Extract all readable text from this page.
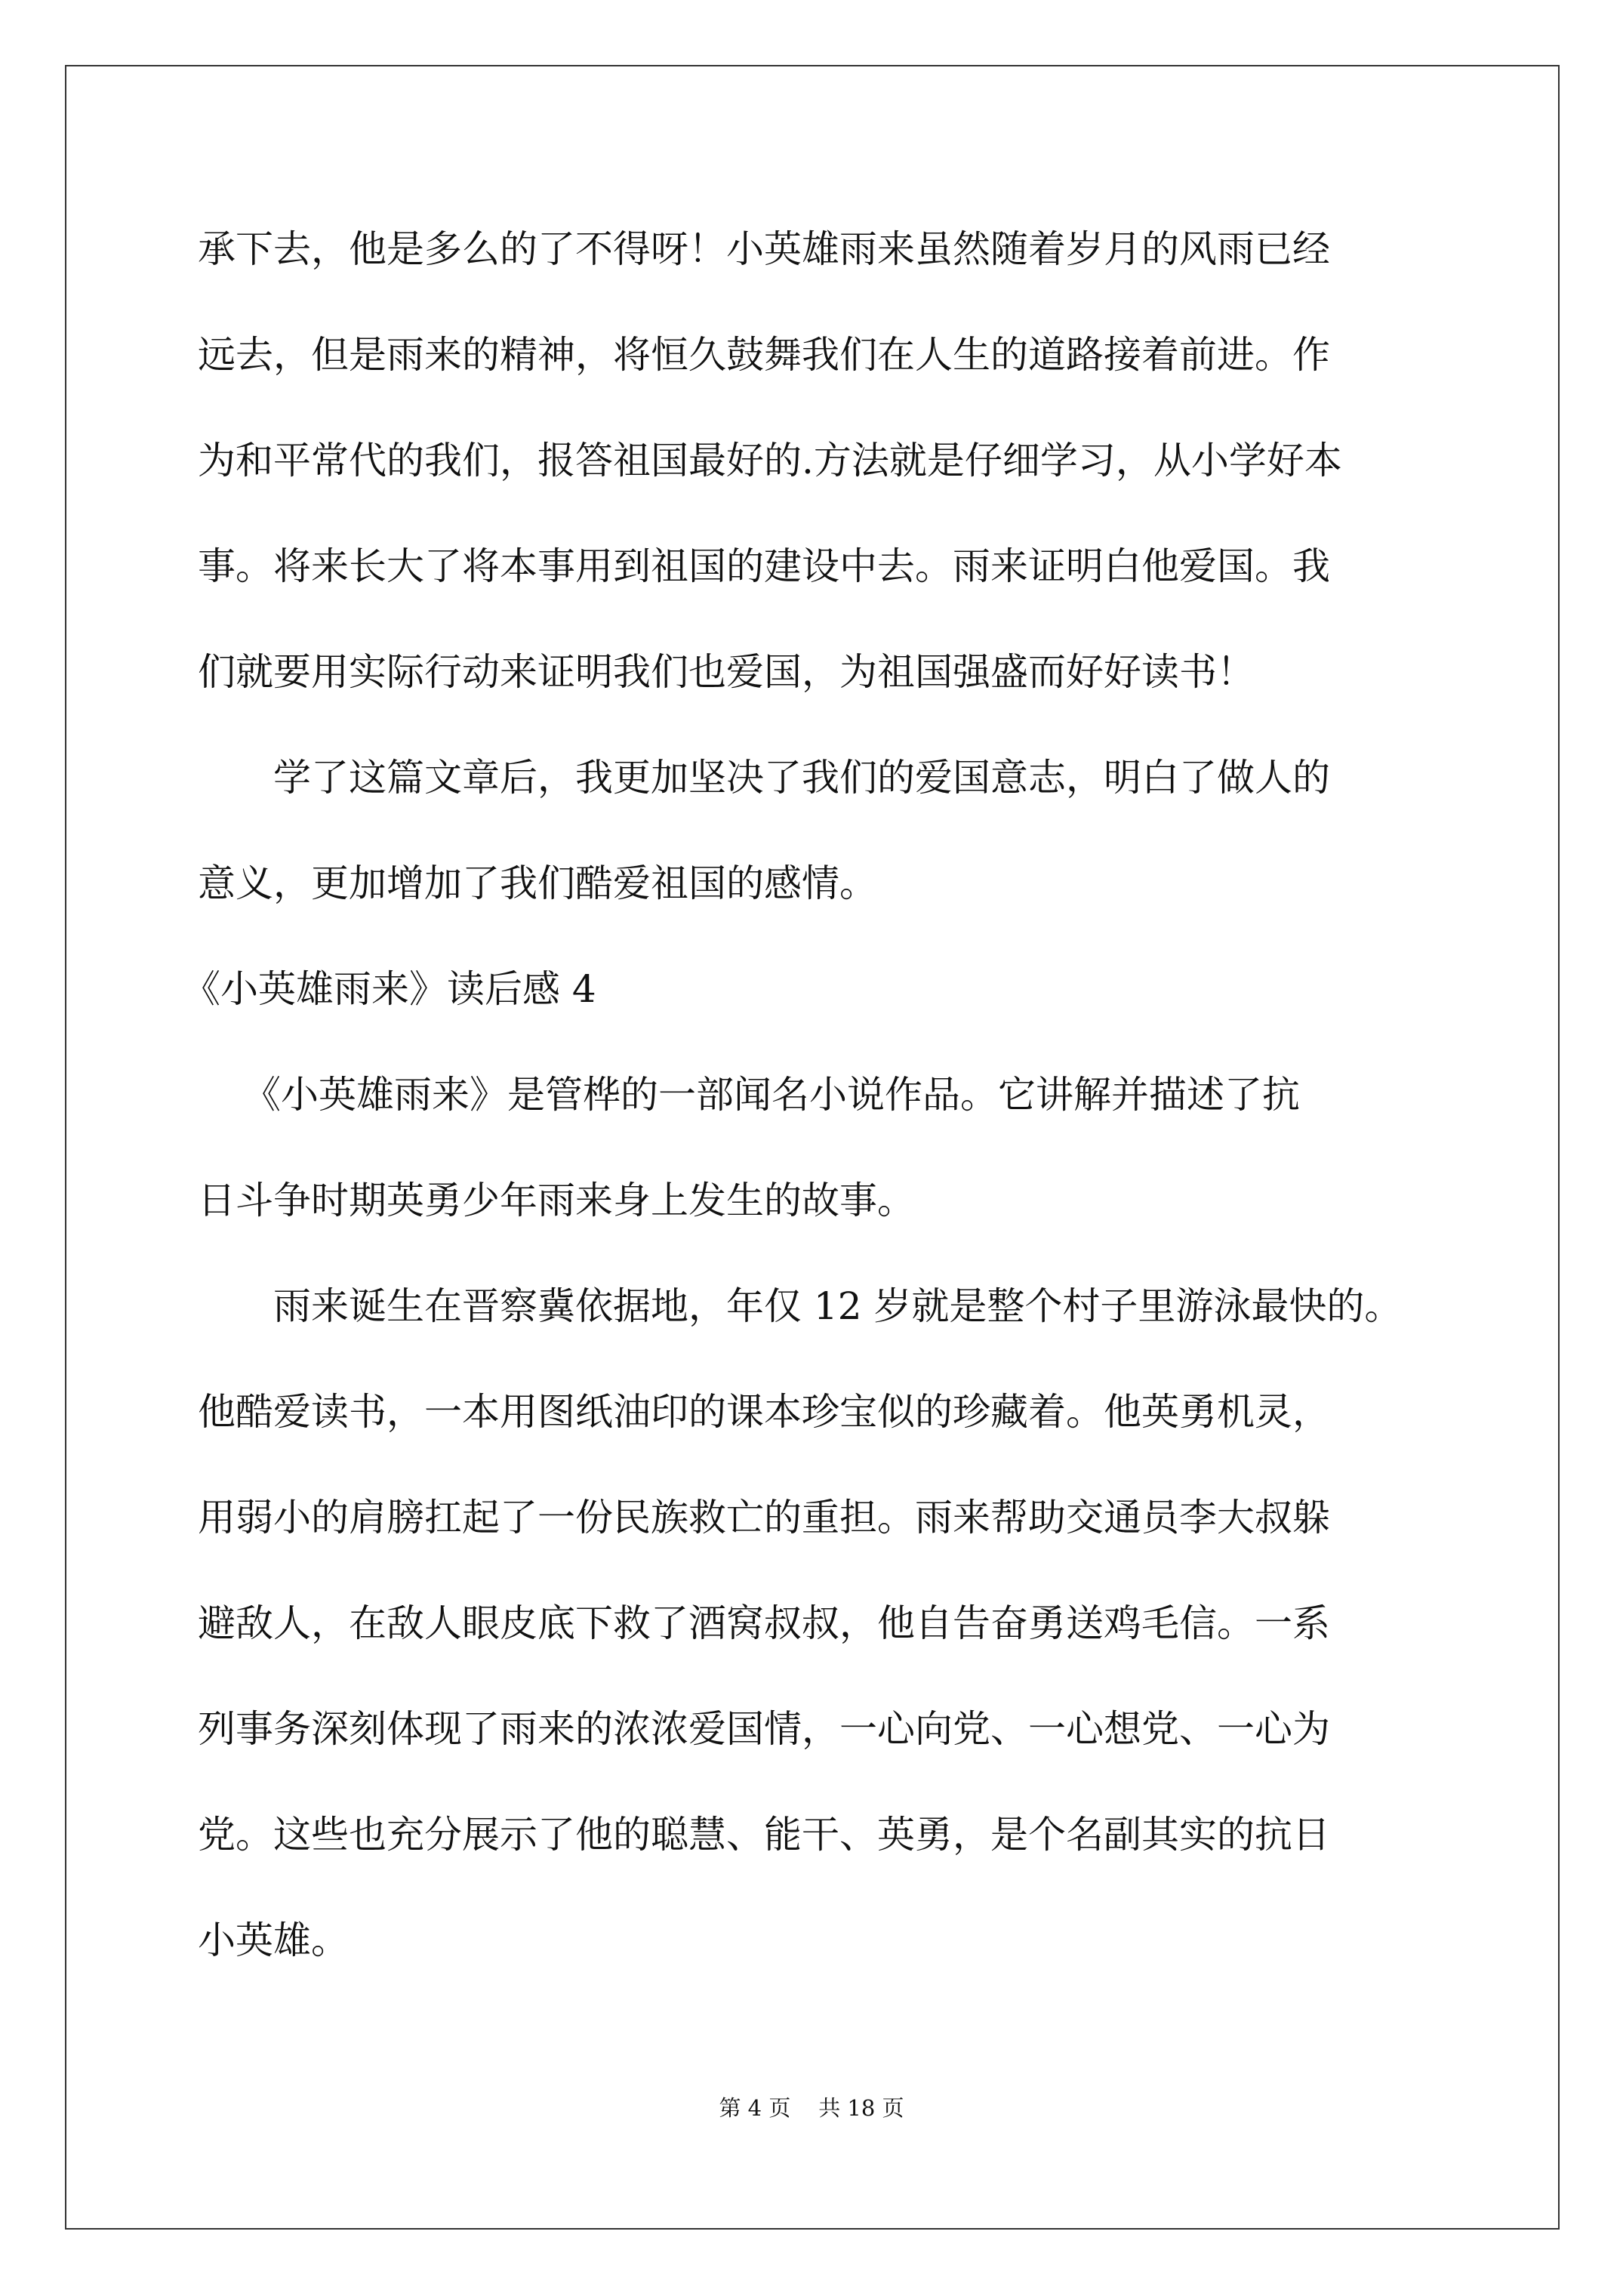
承下去，他是多么的了不得呀！小英雄雨来虽然随着岁月的风雨已经
远去，但是雨来的精神，将恒久鼓舞我们在人生的道路接着前进。作
为和平常代的我们，报答祖国最好的.方法就是仔细学习，从小学好本
事。将来长大了将本事用到祖国的建设中去。雨来证明白他爱国。我
们就要用实际行动来证明我们也爱国，为祖国强盛而好好读书！
学了这篇文章后，我更加坚决了我们的爱国意志，明白了做人的
意义，更加增加了我们酷爱祖国的感情。
《小英雄雨来》读后感 4
《小英雄雨来》是管桦的一部闻名小说作品。它讲解并描述了抗
日斗争时期英勇少年雨来身上发生的故事。
雨来诞生在晋察冀依据地，年仅 12 岁就是整个村子里游泳最快的。
他酷爱读书，一本用图纸油印的课本珍宝似的珍藏着。他英勇机灵，
用弱小的肩膀扛起了一份民族救亡的重担。雨来帮助交通员李大叔躲
避敌人，在敌人眼皮底下救了酒窝叔叔，他自告奋勇送鸡毛信。一系
列事务深刻体现了雨来的浓浓爱国情，一心向党、一心想党、一心为
党。这些也充分展示了他的聪慧、能干、英勇，是个名副其实的抗日
小英雄。
第 4 页 共 18 页
